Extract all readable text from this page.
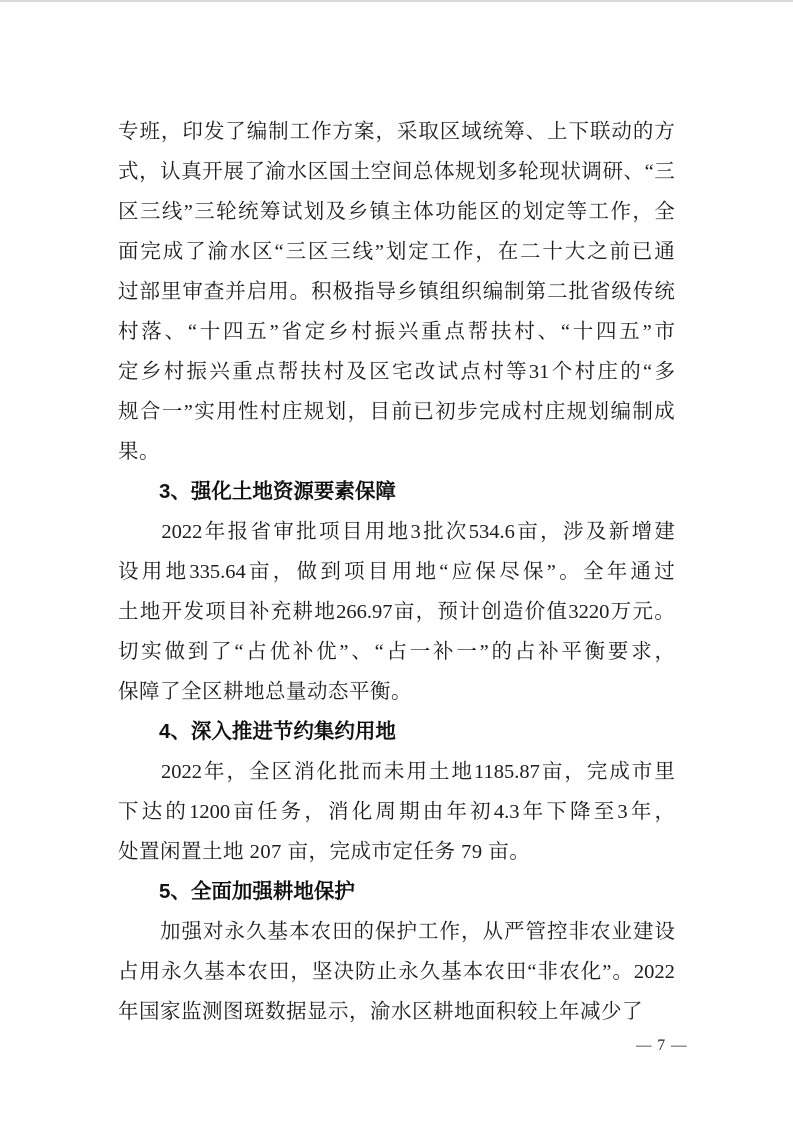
专 班 ， 印 发 了 编 制 工 作 方 案 ， 采 取 区 域 统 筹 、 上 下 联 动 的 方
式 ， 认 真 开 展 了 渝 水 区 国 土 空 间 总 体 规 划 多 轮 现 状 调 研 、 “ 三
区 三 线 ” 三 轮 统 筹 试 划 及 乡 镇 主 体 功 能 区 的 划 定 等 工 作 ， 全
面 完 成 了 渝 水 区 “ 三 区 三 线 ” 划 定 工 作 ， 在 二 十 大 之 前 已 通
过 部 里 审 查 并 启 用 。 积 极 指 导 乡 镇 组 织 编 制 第 二 批 省 级 传 统
村 落 、 “ 十 四 五 ” 省 定 乡 村 振 兴 重 点 帮 扶 村 、 “ 十 四 五 ” 市
定 乡 村 振 兴 重 点 帮 扶 村 及 区 宅 改 试 点 村 等 31 个 村 庄 的 “ 多
规 合 一 ” 实 用 性 村 庄 规 划 ， 目 前 已 初 步 完 成 村 庄 规 划 编 制 成
果。
3、强化土地资源要素保障
2022 年 报 省 审 批 项 目 用 地 3 批 次 534.6 亩 ， 涉 及 新 增 建
设 用 地 335.64 亩 ， 做 到 项 目 用 地 “ 应 保 尽 保 ” 。 全 年 通 过
土 地 开 发 项 目 补 充 耕 地 266.97 亩 ， 预 计 创 造 价 值 3220 万 元 。
切 实 做 到 了 “ 占 优 补 优 ” 、 “ 占 一 补 一 ” 的 占 补 平 衡 要 求 ，
保障了全区耕地总量动态平衡。
4、深入推进节约集约用地
2022 年 ， 全 区 消 化 批 而 未 用 土 地 1185.87 亩 ， 完 成 市 里
下 达 的 1200 亩 任 务 ， 消 化 周 期 由 年 初 4.3 年 下 降 至 3 年 ，
处置闲置土地 207 亩，完成市定任务 79 亩。
5、全面加强耕地保护
加 强 对 永 久 基 本 农 田 的 保 护 工 作 ， 从 严 管 控 非 农 业 建 设
占 用 永 久 基 本 农 田 ， 坚 决 防 止 永 久 基 本 农 田 “ 非 农 化 ” 。 2022
年国家监测图斑数据显示，渝水区耕地面积较上年减少了
— 7 —
